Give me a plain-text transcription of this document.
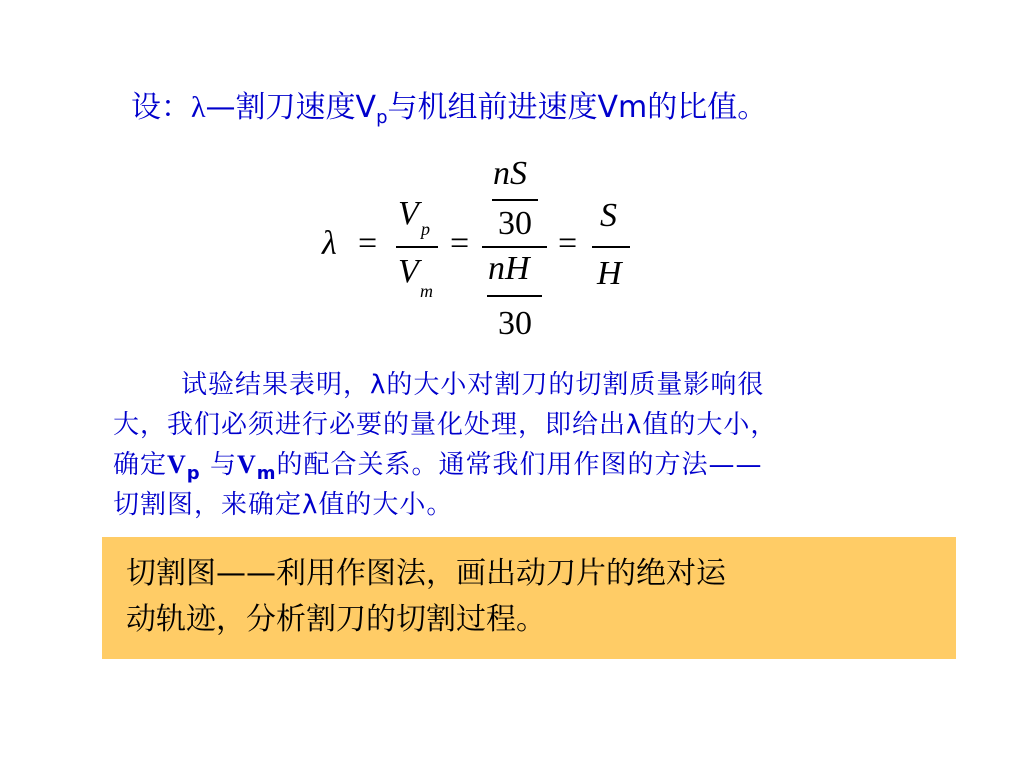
设：λ—割刀速度$V_p$与机组前进速度Vm的比值。
λ =
V p
V
m
=
nS
30
nH
30
=
S
H
试验结果表明，λ的大小对割刀的切割质量影响很
大，我们必须进行必要的量化处理，即给出λ值的大小，
确定$V_p$ 与$V_m$的配合关系。通常我们用作图的方法——
切割图，来确定λ值的大小。
切割图——利用作图法，画出动刀片的绝对运
动轨迹，分析割刀的切割过程。
